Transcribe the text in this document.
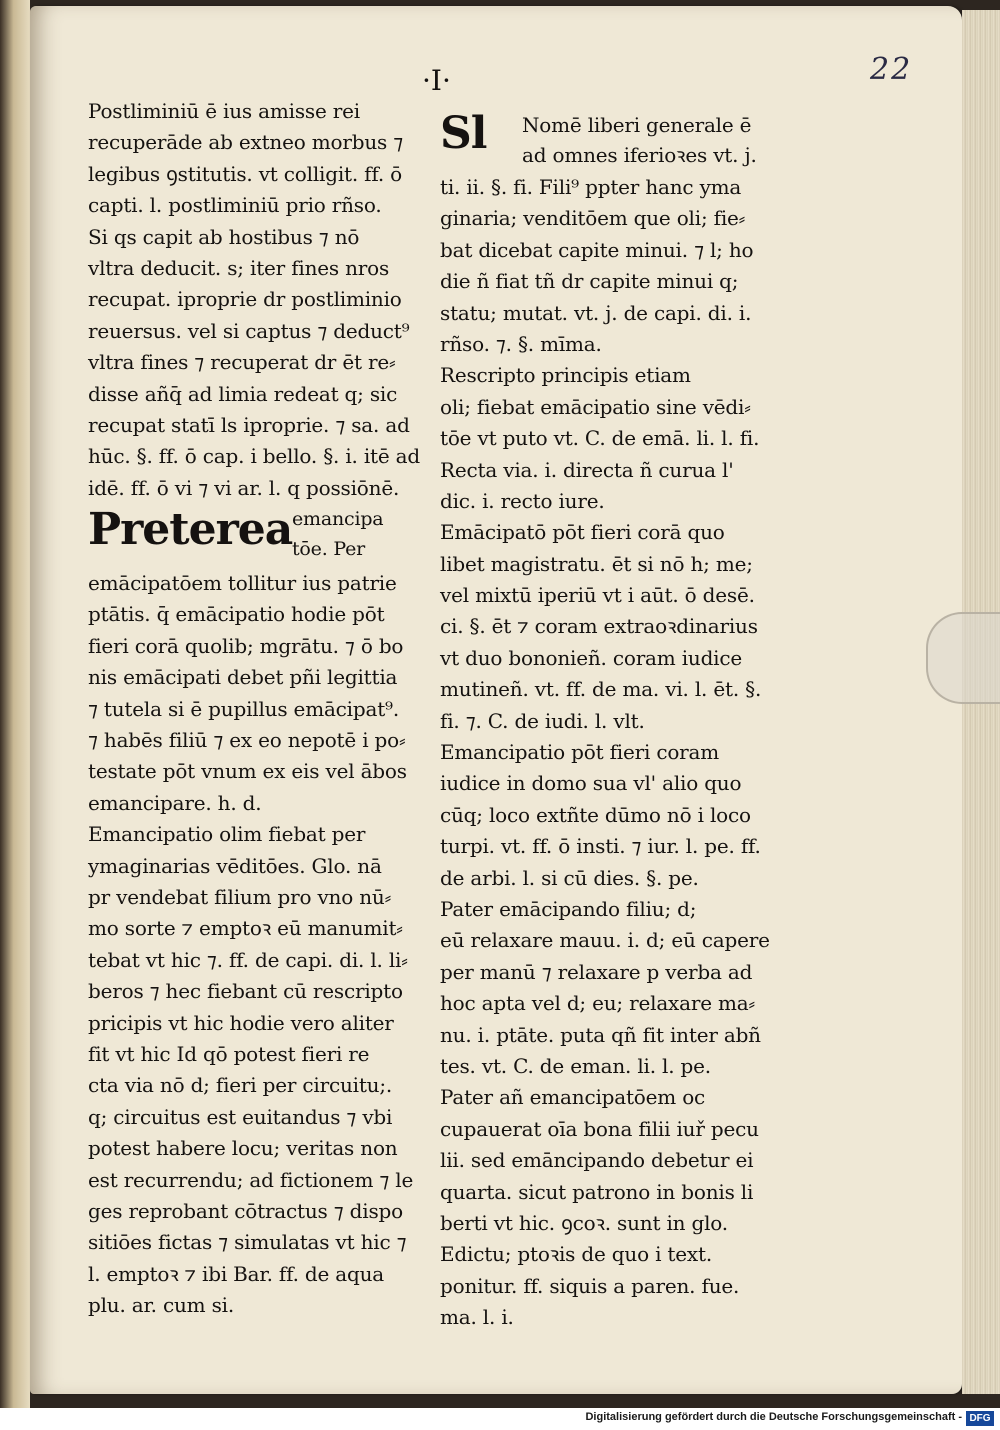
22
·I·
Postliminiū ē ius amisse rei
recuperāde ab extneo morbus ⁊
legibus ꝯstitutis. vt colligit. ff. ō
capti. l. postliminiū prio rñso.
Si qs capit ab hostibus ⁊ nō
vltra deducit. s; iter fines nros
recupat. iproprie dr postliminio
reuersus. vel si captus ⁊ deduct⁹
vltra fines ⁊ recuperat dr ēt re⸗
disse añq̄ ad limia redeat q; sic
recupat statī ls iproprie. ⁊ sa. ad
hūc. §. ff. ō cap. i bello. §. i. itē ad
idē. ff. ō vi ⁊ vi ar. l. q possiōnē.
Preterea emancipa
tōe. Per
emācipatōem tollitur ius patrie
ptātis. q̄ emācipatio hodie pōt
fieri corā quolib; mgrātu. ⁊ ō bo
nis emācipati debet pñi legittia
⁊ tutela si ē pupillus emācipat⁹.
⁊ habēs filiū ⁊ ex eo nepotē i po⸗
testate pōt vnum ex eis vel ābos
emancipare. h. d.
Emancipatio olim fiebat per
ymaginarias vēditōes. Glo. nā
pr vendebat filium pro vno nū⸗
mo sorte ⁊ emptoꝛ eū manumit⸗
tebat vt hic ⁊. ff. de capi. di. l. li⸗
beros ⁊ hec fiebant cū rescripto
pricipis vt hic hodie vero aliter
fit vt hic Id qō potest fieri re
cta via nō d; fieri per circuitu;.
q; circuitus est euitandus ⁊ vbi
potest habere locu; veritas non
est recurrendu; ad fictionem ⁊ le
ges reprobant cōtractus ⁊ dispo
sitiōes fictas ⁊ simulatas vt hic ⁊
l. emptoꝛ ⁊ ibi Bar. ff. de aqua
plu. ar. cum si.
Sl Nomē liberi generale ē
ad omnes iferioꝛes vt. j.
ti. ii. §. fi. Fili⁹ ppter hanc yma
ginaria; venditōem que oli; fie⸗
bat dicebat capite minui. ⁊ l; ho
die ñ fiat tñ dr capite minui q;
statu; mutat. vt. j. de capi. di. i.
rñso. ⁊. §. mīma.
Rescripto principis etiam
oli; fiebat emācipatio sine vēdi⸗
tōe vt puto vt. C. de emā. li. l. fi.
Recta via. i. directa ñ curua l'
dic. i. recto iure.
Emācipatō pōt fieri corā quo
libet magistratu. ēt si nō h; me;
vel mixtū iperiū vt i aūt. ō desē.
ci. §. ēt ⁊ coram extraoꝛdinarius
vt duo bononieñ. coram iudice
mutineñ. vt. ff. de ma. vi. l. ēt. §.
fi. ⁊. C. de iudi. l. vlt.
Emancipatio pōt fieri coram
iudice in domo sua vl' alio quo
cūq; loco extñte dūmo nō i loco
turpi. vt. ff. ō insti. ⁊ iur. l. pe. ff.
de arbi. l. si cū dies. §. pe.
Pater emācipando filiu; d;
eū relaxare mauu. i. d; eū capere
per manū ⁊ relaxare p verba ad
hoc apta vel d; eu; relaxare ma⸗
nu. i. ptāte. puta qñ fit inter abñ
tes. vt. C. de eman. li. l. pe.
Pater añ emancipatōem oc
cupauerat oīa bona filii iuř pecu
lii. sed emāncipando debetur ei
quarta. sicut patrono in bonis li
berti vt hic. ꝯcoꝛ. sunt in glo.
Edictu; ptoꝛis de quo i text.
ponitur. ff. siquis a paren. fue.
ma. l. i.
Digitalisierung gefördert durch die Deutsche Forschungsgemeinschaft - DFG
